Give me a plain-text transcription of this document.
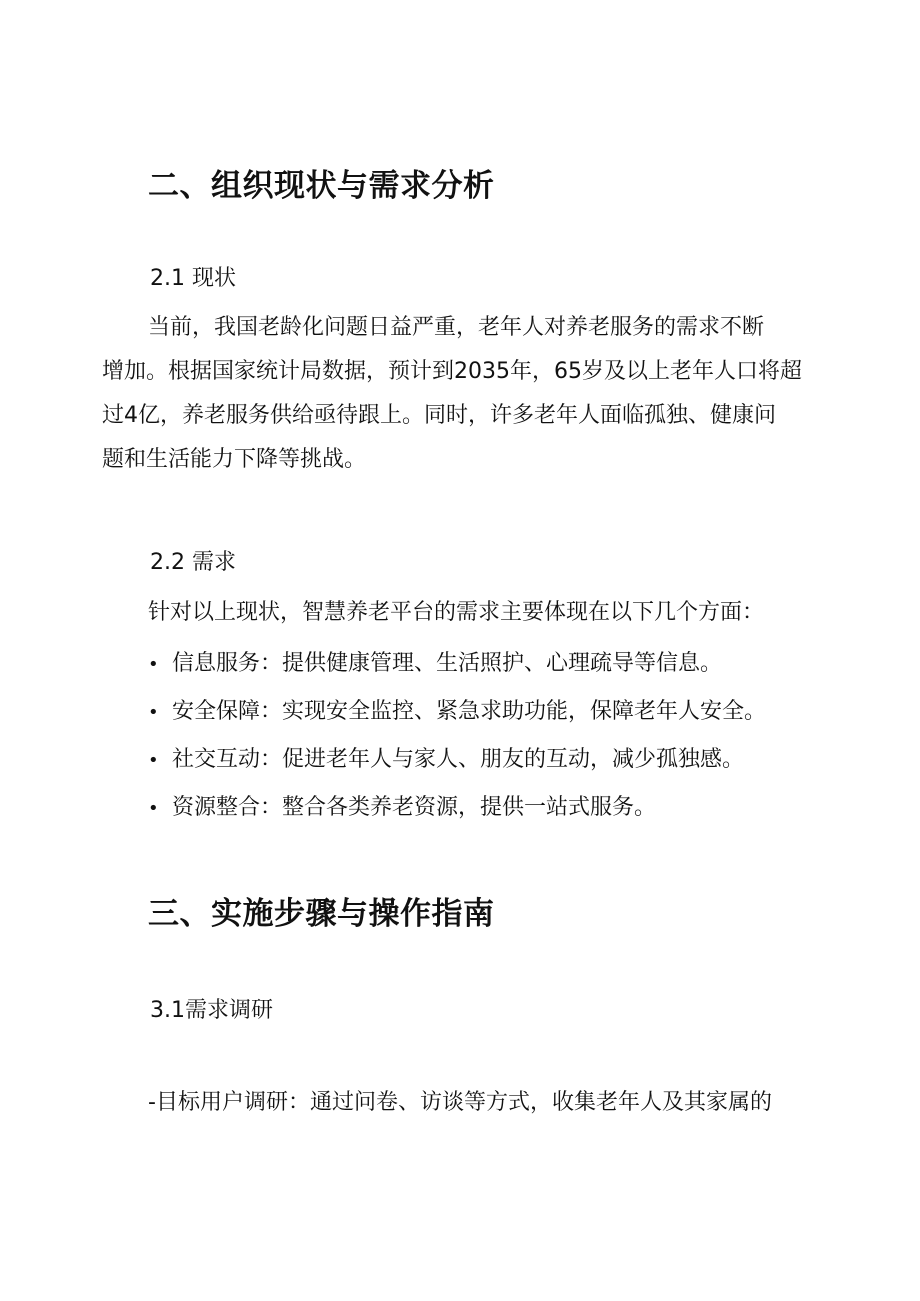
二、组织现状与需求分析
2.1 现状
当前，我国老龄化问题日益严重，老年人对养老服务的需求不断
增加。根据国家统计局数据，预计到2035年，65岁及以上老年人口将超
过4亿，养老服务供给亟待跟上。同时，许多老年人面临孤独、健康问
题和生活能力下降等挑战。
2.2 需求
针对以上现状，智慧养老平台的需求主要体现在以下几个方面：
• 信息服务：提供健康管理、生活照护、心理疏导等信息。
• 安全保障：实现安全监控、紧急求助功能，保障老年人安全。
• 社交互动：促进老年人与家人、朋友的互动，减少孤独感。
• 资源整合：整合各类养老资源，提供一站式服务。
三、实施步骤与操作指南
3.1需求调研
-目标用户调研：通过问卷、访谈等方式，收集老年人及其家属的
